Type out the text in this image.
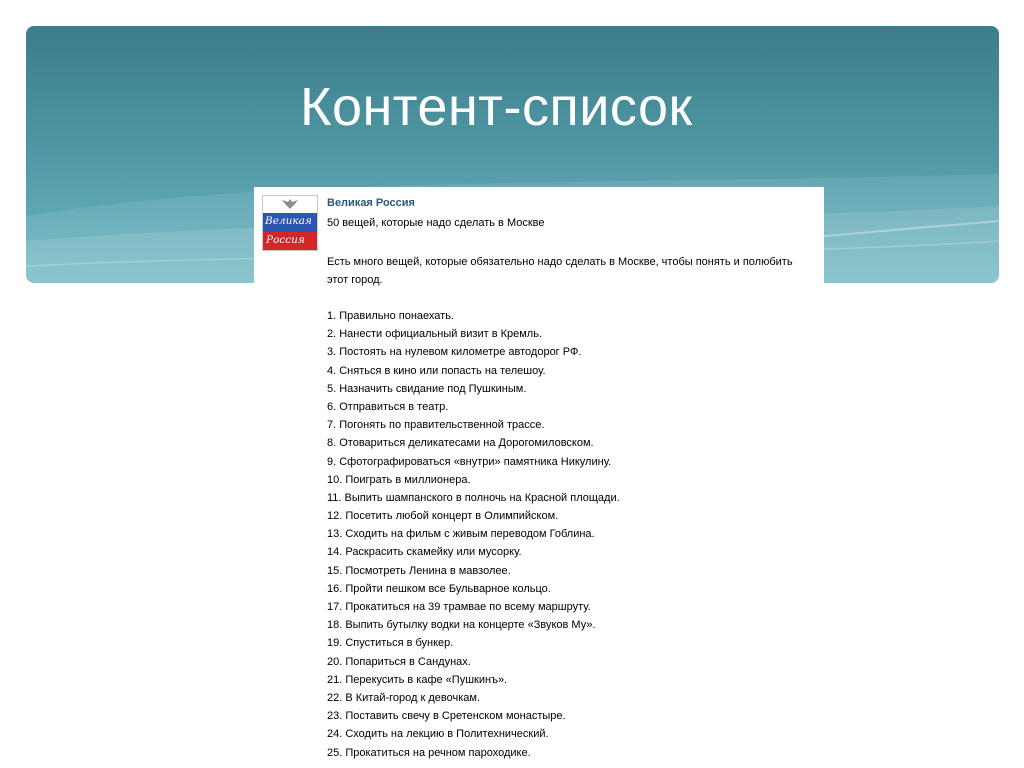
Контент-список
Великая
Россия
Великая Россия
50 вещей, которые надо сделать в Москве
Есть много вещей, которые обязательно надо сделать в Москве, чтобы понять и полюбить этот город.
1. Правильно понаехать.
2. Нанести официальный визит в Кремль.
3. Постоять на нулевом километре автодорог РФ.
4. Сняться в кино или попасть на телешоу.
5. Назначить свидание под Пушкиным.
6. Отправиться в театр.
7. Погонять по правительственной трассе.
8. Отовариться деликатесами на Дорогомиловском.
9. Сфотографироваться «внутри» памятника Никулину.
10. Поиграть в миллионера.
11. Выпить шампанского в полночь на Красной площади.
12. Посетить любой концерт в Олимпийском.
13. Сходить на фильм с живым переводом Гоблина.
14. Раскрасить скамейку или мусорку.
15. Посмотреть Ленина в мавзолее.
16. Пройти пешком все Бульварное кольцо.
17. Прокатиться на 39 трамвае по всему маршруту.
18. Выпить бутылку водки на концерте «Звуков Му».
19. Спуститься в бункер.
20. Попариться в Сандунах.
21. Перекусить в кафе «Пушкинъ».
22. В Китай-город к девочкам.
23. Поставить свечу в Сретенском монастыре.
24. Сходить на лекцию в Политехнический.
25. Прокатиться на речном пароходике.
